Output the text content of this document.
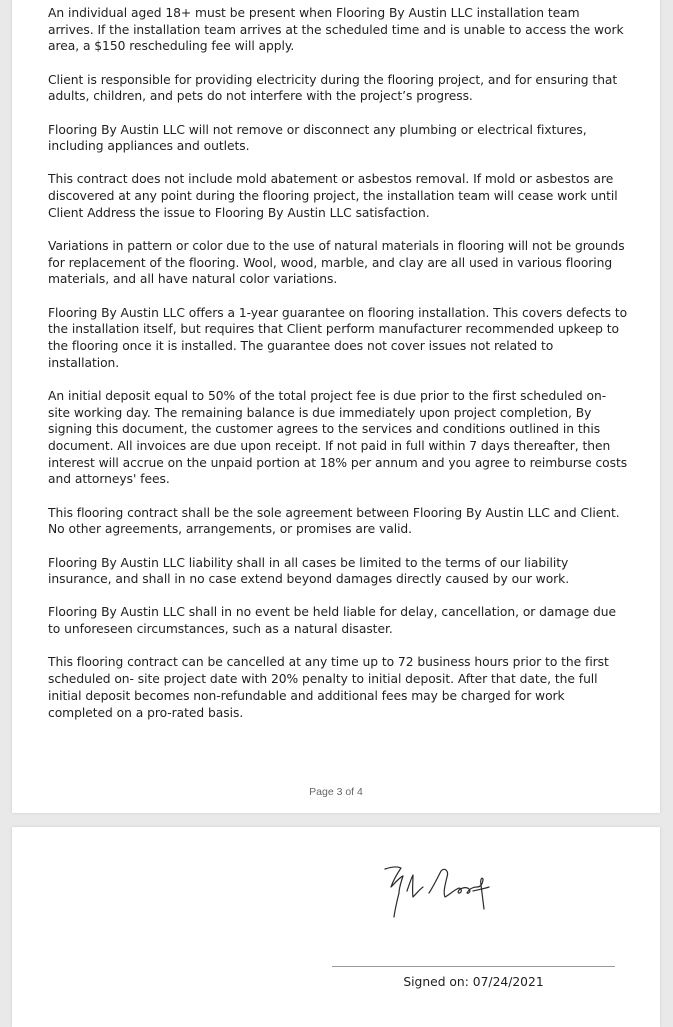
An individual aged 18+ must be present when Flooring By Austin LLC installation team arrives. If the installation team arrives at the scheduled time and is unable to access the work area, a $150 rescheduling fee will apply.

Client is responsible for providing electricity during the flooring project, and for ensuring that adults, children, and pets do not interfere with the project’s progress.

Flooring By Austin LLC will not remove or disconnect any plumbing or electrical fixtures, including appliances and outlets.

This contract does not include mold abatement or asbestos removal. If mold or asbestos are discovered at any point during the flooring project, the installation team will cease work until Client Address the issue to Flooring By Austin LLC satisfaction.

Variations in pattern or color due to the use of natural materials in flooring will not be grounds for replacement of the flooring. Wool, wood, marble, and clay are all used in various flooring materials, and all have natural color variations.

Flooring By Austin LLC offers a 1-year guarantee on flooring installation. This covers defects to the installation itself, but requires that Client perform manufacturer recommended upkeep to the flooring once it is installed. The guarantee does not cover issues not related to installation.

An initial deposit equal to 50% of the total project fee is due prior to the first scheduled on-site working day. The remaining balance is due immediately upon project completion, By signing this document, the customer agrees to the services and conditions outlined in this document. All invoices are due upon receipt. If not paid in full within 7 days thereafter, then interest will accrue on the unpaid portion at 18% per annum and you agree to reimburse costs and attorneys' fees.

This flooring contract shall be the sole agreement between Flooring By Austin LLC and Client. No other agreements, arrangements, or promises are valid.

Flooring By Austin LLC liability shall in all cases be limited to the terms of our liability insurance, and shall in no case extend beyond damages directly caused by our work.

Flooring By Austin LLC shall in no event be held liable for delay, cancellation, or damage due to unforeseen circumstances, such as a natural disaster.

This flooring contract can be cancelled at any time up to 72 business hours prior to the first scheduled on- site project date with 20% penalty to initial deposit. After that date, the full initial deposit becomes non-refundable and additional fees may be charged for work completed on a pro-rated basis.

Page 3 of 4
Signed on: 07/24/2021
